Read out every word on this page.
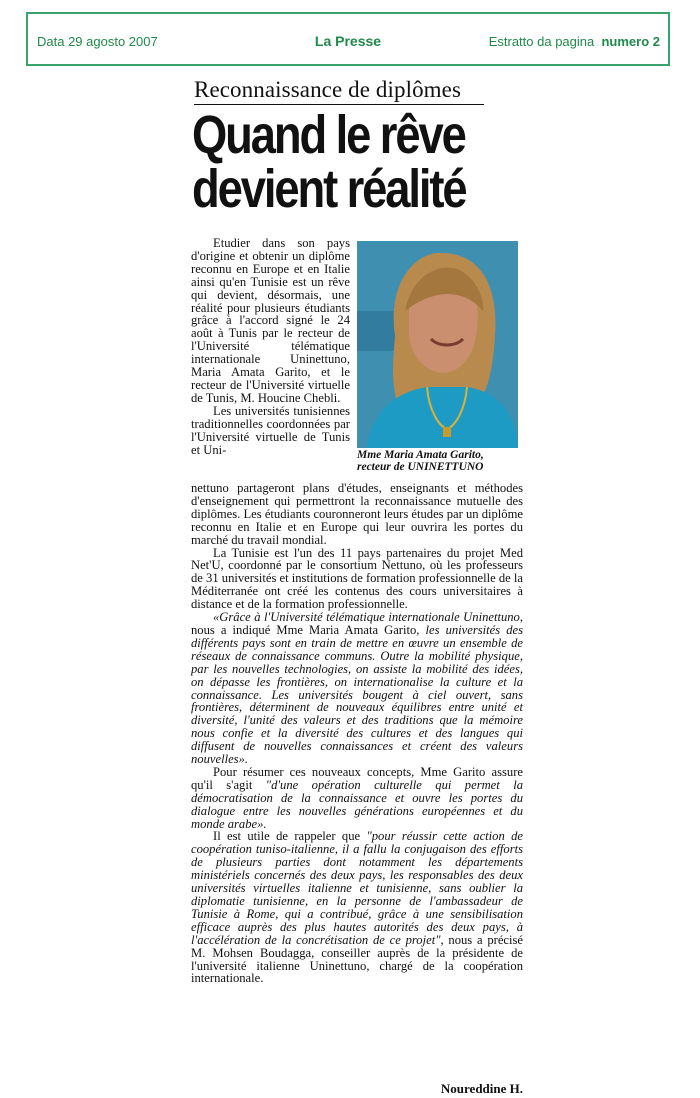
Data 29 agosto 2007	La Presse	Estratto da pagina numero 2
Reconnaissance de diplômes
Quand le rêve
devient réalité
Mme Maria Amata Garito,
recteur de UNINETTUNO

Etudier dans son pays d'origine et obtenir un diplôme reconnu en Europe et en Italie ainsi qu'en Tunisie est un rêve qui devient, désormais, une réalité pour plusieurs étudiants grâce à l'accord signé le 24 août à Tunis par le recteur de l'Université télématique internationale Uninettuno, Maria Amata Garito, et le recteur de l'Université virtuelle de Tunis, M. Houcine Chebli.

Les universités tunisiennes traditionnelles coordonnées par l'Université virtuelle de Tunis et Uni-

nettuno partageront plans d'études, enseignants et méthodes d'enseignement qui permettront la reconnaissance mutuelle des diplômes. Les étudiants couronneront leurs études par un diplôme reconnu en Italie et en Europe qui leur ouvrira les portes du marché du travail mondial.

La Tunisie est l'un des 11 pays partenaires du projet Med Net'U, coordonné par le consortium Nettuno, où les professeurs de 31 universités et institutions de formation professionnelle de la Méditerranée ont créé les contenus des cours universitaires à distance et de la formation professionnelle.

«Grâce à l'Université télématique internationale Uninettuno, nous a indiqué Mme Maria Amata Garito, les universités des différents pays sont en train de mettre en œuvre un ensemble de réseaux de connaissance communs. Outre la mobilité physique, par les nouvelles technologies, on assiste la mobilité des idées, on dépasse les frontières, on internationalise la culture et la connaissance. Les universités bougent à ciel ouvert, sans frontières, déterminent de nouveaux équilibres entre unité et diversité, l'unité des valeurs et des traditions que la mémoire nous confie et la diversité des cultures et des langues qui diffusent de nouvelles connaissances et créent des valeurs nouvelles».

Pour résumer ces nouveaux concepts, Mme Garito assure qu'il s'agit "d'une opération culturelle qui permet la démocratisation de la connaissance et ouvre les portes du dialogue entre les nouvelles générations européennes et du monde arabe».

Il est utile de rappeler que "pour réussir cette action de coopération tuniso-italienne, il a fallu la conjugaison des efforts de plusieurs parties dont notamment les départements ministériels concernés des deux pays, les responsables des deux universités virtuelles italienne et tunisienne, sans oublier la diplomatie tunisienne, en la personne de l'ambassadeur de Tunisie à Rome, qui a contribué, grâce à une sensibilisation efficace auprès des plus hautes autorités des deux pays, à l'accélération de la concrétisation de ce projet", nous a précisé M. Mohsen Boudagga, conseiller auprès de la présidente de l'université italienne Uninettuno, chargé de la coopération internationale.

Noureddine H.
